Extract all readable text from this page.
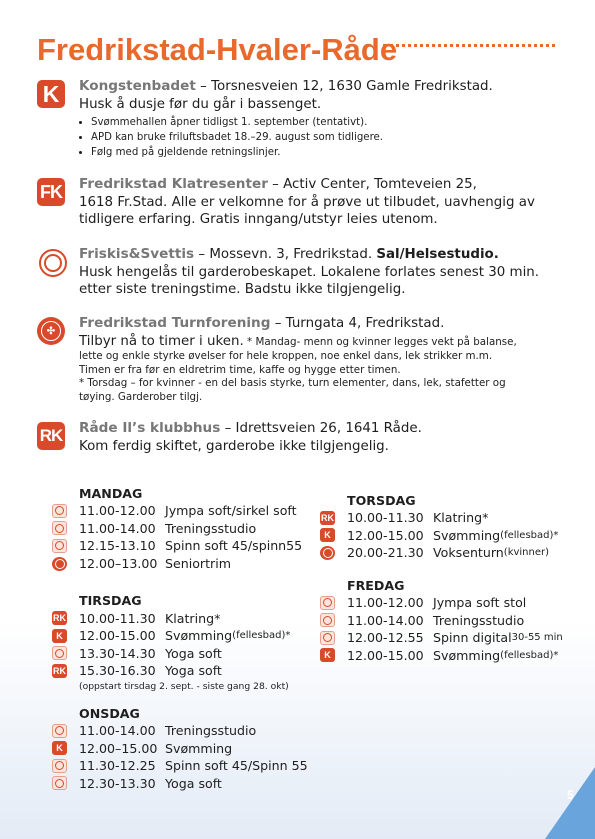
Fredrikstad-Hvaler-Råde
K	Kongstenbadet – Torsnesveien 12, 1630 Gamle Fredrikstad.
Husk å dusje før du går i bassenget.
• Svømmehallen åpner tidligst 1. september (tentativt).
• APD kan bruke friluftsbadet 18.–29. august som tidligere.
• Følg med på gjeldende retningslinjer.
FK Fredrikstad Klatresenter – Activ Center, Tomteveien 25,
1618 Fr.Stad. Alle er velkomne for å prøve ut tilbudet, uavhengig av
tidligere erfaring. Gratis inngang/utstyr leies utenom.
Friskis&Svettis – Mossevn. 3, Fredrikstad. Sal/Helsestudio.
Husk hengelås til garderobeskapet. Lokalene forlates senest 30 min.
etter siste treningstime. Badstu ikke tilgjengelig.
✣	Fredrikstad Turnforening – Turngata 4, Fredrikstad.
Tilbyr nå to timer i uken. * Mandag- menn og kvinner legges vekt på balanse,
lette og enkle styrke øvelser for hele kroppen, noe enkel dans, lek strikker m.m.
Timen er fra før en eldretrim time, kaffe og hygge etter timen.
* Torsdag – for kvinner - en del basis styrke, turn elementer, dans, lek, stafetter og
tøying. Garderober tilgj.
RK Råde Il’s klubbhus – Idrettsveien 26, 1641 Råde.
Kom ferdig skiftet, garderobe ikke tilgjengelig.
MANDAG
11.00-12.00 Jympa soft/sirkel soft
11.00-14.00 Treningsstudio
12.15-13.10 Spinn soft 45/spinn55
12.00–13.00 Seniortrim
TIRSDAG
RK 10.00-11.30 Klatring*
K	12.00-15.00 Svømming (fellesbad)*
13.30-14.30 Yoga soft
RK 15.30-16.30 Yoga soft
(oppstart tirsdag 2. sept. - siste gang 28. okt)
ONSDAG
11.00-14.00 Treningsstudio
K	12.00–15.00 Svømming
11.30-12.25 Spinn soft 45/Spinn 55
12.30-13.30 Yoga soft
TORSDAG
RK 10.00-11.30 Klatring*
K	12.00-15.00 Svømming (fellesbad)*
20.00-21.30 Voksenturn (kvinner)
FREDAG
11.00-12.00 Jympa soft stol
11.00-14.00 Treningsstudio
12.00-12.55 Spinn digital 30-55 min
K	12.00-15.00 Svømming (fellesbad)*
5
